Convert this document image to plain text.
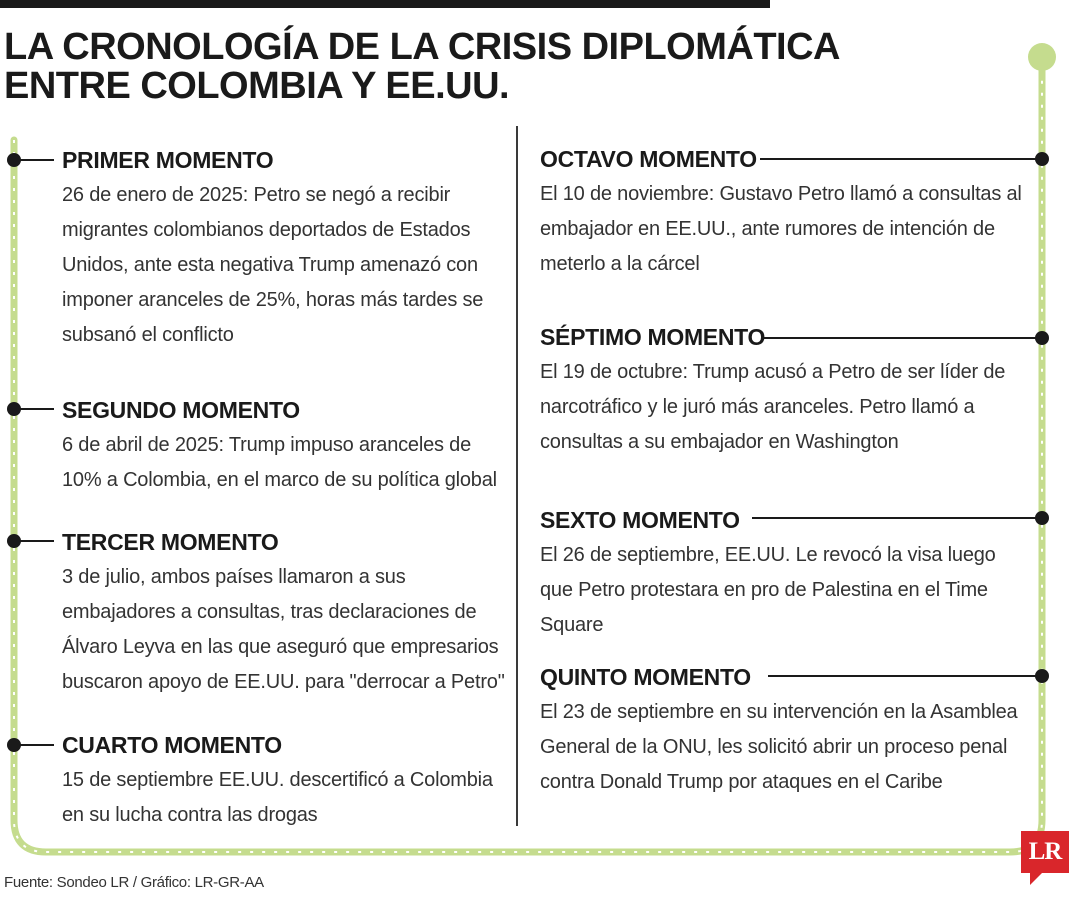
LA CRONOLOGÍA DE LA CRISIS DIPLOMÁTICA
ENTRE COLOMBIA Y EE.UU.
PRIMER MOMENTO

26 de enero de 2025: Petro se negó a recibir migrantes colombianos deportados de Estados Unidos, ante esta negativa Trump amenazó con imponer aranceles de 25%, horas más tardes se subsanó el conflicto

SEGUNDO MOMENTO

6 de abril de 2025: Trump impuso aranceles de 10% a Colombia, en el marco de su política global

TERCER MOMENTO

3 de julio, ambos países llamaron a sus embajadores a consultas, tras declaraciones de Álvaro Leyva en las que aseguró que empresarios buscaron apoyo de EE.UU. para "derrocar a Petro"

CUARTO MOMENTO

15 de septiembre EE.UU. descertificó a Colombia en su lucha contra las drogas

OCTAVO MOMENTO

El 10 de noviembre: Gustavo Petro llamó a consultas al embajador en EE.UU., ante rumores de intención de meterlo a la cárcel

SÉPTIMO MOMENTO

El 19 de octubre: Trump acusó a Petro de ser líder de narcotráfico y le juró más aranceles. Petro llamó a consultas a su embajador en Washington

SEXTO MOMENTO

El 26 de septiembre, EE.UU. Le revocó la visa luego que Petro protestara en pro de Palestina en el Time Square

QUINTO MOMENTO

El 23 de septiembre en su intervención en la Asamblea General de la ONU, les solicitó abrir un proceso penal contra Donald Trump por ataques en el Caribe

Fuente: Sondeo LR / Gráfico: LR-GR-AA
LR
